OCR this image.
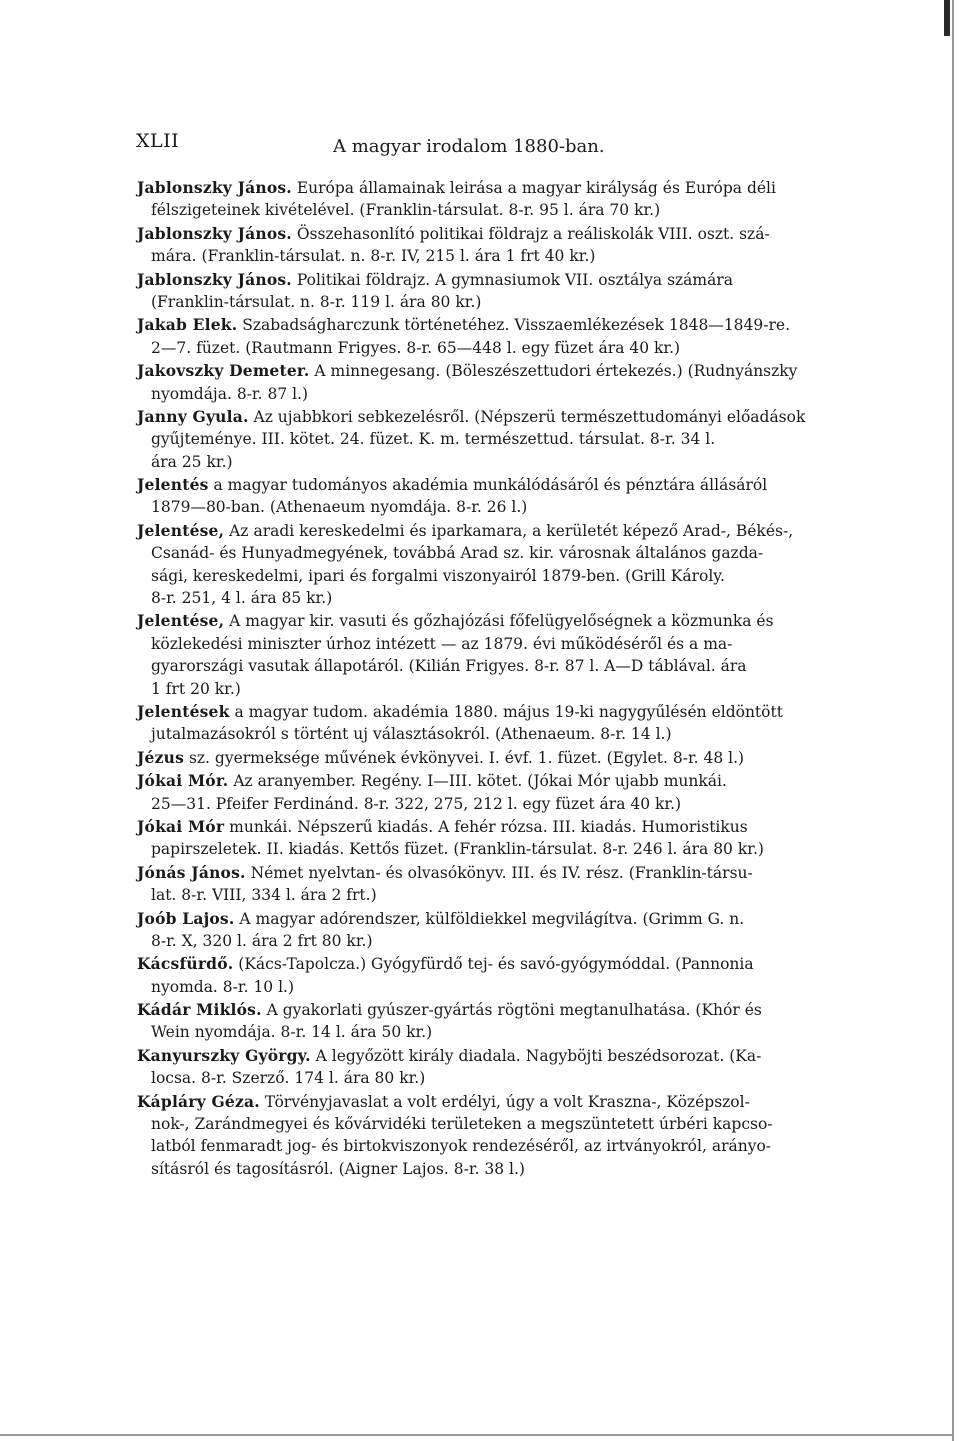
XLII	A magyar irodalom 1880-ban.
Jablonszky János. Európa államainak leirása a magyar királyság és Európa déli
félszigeteinek kivételével. (Franklin-társulat. 8-r. 95 l. ára 70 kr.)
Jablonszky János. Összehasonlító politikai földrajz a reáliskolák VIII. oszt. szá-
mára. (Franklin-társulat. n. 8-r. IV, 215 l. ára 1 frt 40 kr.)
Jablonszky János. Politikai földrajz. A gymnasiumok VII. osztálya számára
(Franklin-társulat. n. 8-r. 119 l. ára 80 kr.)
Jakab Elek. Szabadságharczunk történetéhez. Visszaemlékezések 1848—1849-re.
2—7. füzet. (Rautmann Frigyes. 8-r. 65—448 l. egy füzet ára 40 kr.)
Jakovszky Demeter. A minnegesang. (Böleszészettudori értekezés.) (Rudnyánszky
nyomdája. 8-r. 87 l.)
Janny Gyula. Az ujabbkori sebkezelésről. (Népszerü természettudományi előadások
gyűjteménye. III. kötet. 24. füzet. K. m. természettud. társulat. 8-r. 34 l.
ára 25 kr.)
Jelentés a magyar tudományos akadémia munkálódásáról és pénztára állásáról
1879—80-ban. (Athenaeum nyomdája. 8-r. 26 l.)
Jelentése, Az aradi kereskedelmi és iparkamara, a kerületét képező Arad-, Békés-,
Csanád- és Hunyadmegyének, továbbá Arad sz. kir. városnak általános gazda-
sági, kereskedelmi, ipari és forgalmi viszonyairól 1879-ben. (Grill Károly.
8-r. 251, 4 l. ára 85 kr.)
Jelentése, A magyar kir. vasuti és gőzhajózási főfelügyelőségnek a közmunka és
közlekedési miniszter úrhoz intézett — az 1879. évi működéséről és a ma-
gyarországi vasutak állapotáról. (Kilián Frigyes. 8-r. 87 l. A—D táblával. ára
1 frt 20 kr.)
Jelentések a magyar tudom. akadémia 1880. május 19-ki nagygyűlésén eldöntött
jutalmazásokról s történt uj választásokról. (Athenaeum. 8-r. 14 l.)
Jézus sz. gyermeksége művének évkönyvei. I. évf. 1. füzet. (Egylet. 8-r. 48 l.)
Jókai Mór. Az aranyember. Regény. I—III. kötet. (Jókai Mór ujabb munkái.
25—31. Pfeifer Ferdinánd. 8-r. 322, 275, 212 l. egy füzet ára 40 kr.)
Jókai Mór munkái. Népszerű kiadás. A fehér rózsa. III. kiadás. Humoristikus
papirszeletek. II. kiadás. Kettős füzet. (Franklin-társulat. 8-r. 246 l. ára 80 kr.)
Jónás János. Német nyelvtan- és olvasókönyv. III. és IV. rész. (Franklin-társu-
lat. 8-r. VIII, 334 l. ára 2 frt.)
Joób Lajos. A magyar adórendszer, külföldiekkel megvilágítva. (Grimm G. n.
8-r. X, 320 l. ára 2 frt 80 kr.)
Kácsfürdő. (Kács-Tapolcza.) Gyógyfürdő tej- és savó-gyógymóddal. (Pannonia
nyomda. 8-r. 10 l.)
Kádár Miklós. A gyakorlati gyúszer-gyártás rögtöni megtanulhatása. (Khór és
Wein nyomdája. 8-r. 14 l. ára 50 kr.)
Kanyurszky György. A legyőzött király diadala. Nagyböjti beszédsorozat. (Ka-
locsa. 8-r. Szerző. 174 l. ára 80 kr.)
Kápláry Géza. Törvényjavaslat a volt erdélyi, úgy a volt Kraszna-, Középszol-
nok-, Zarándmegyei és kővárvidéki területeken a megszüntetett úrbéri kapcso-
latból fenmaradt jog- és birtokviszonyok rendezéséről, az irtványokról, arányo-
sításról és tagosításról. (Aigner Lajos. 8-r. 38 l.)
